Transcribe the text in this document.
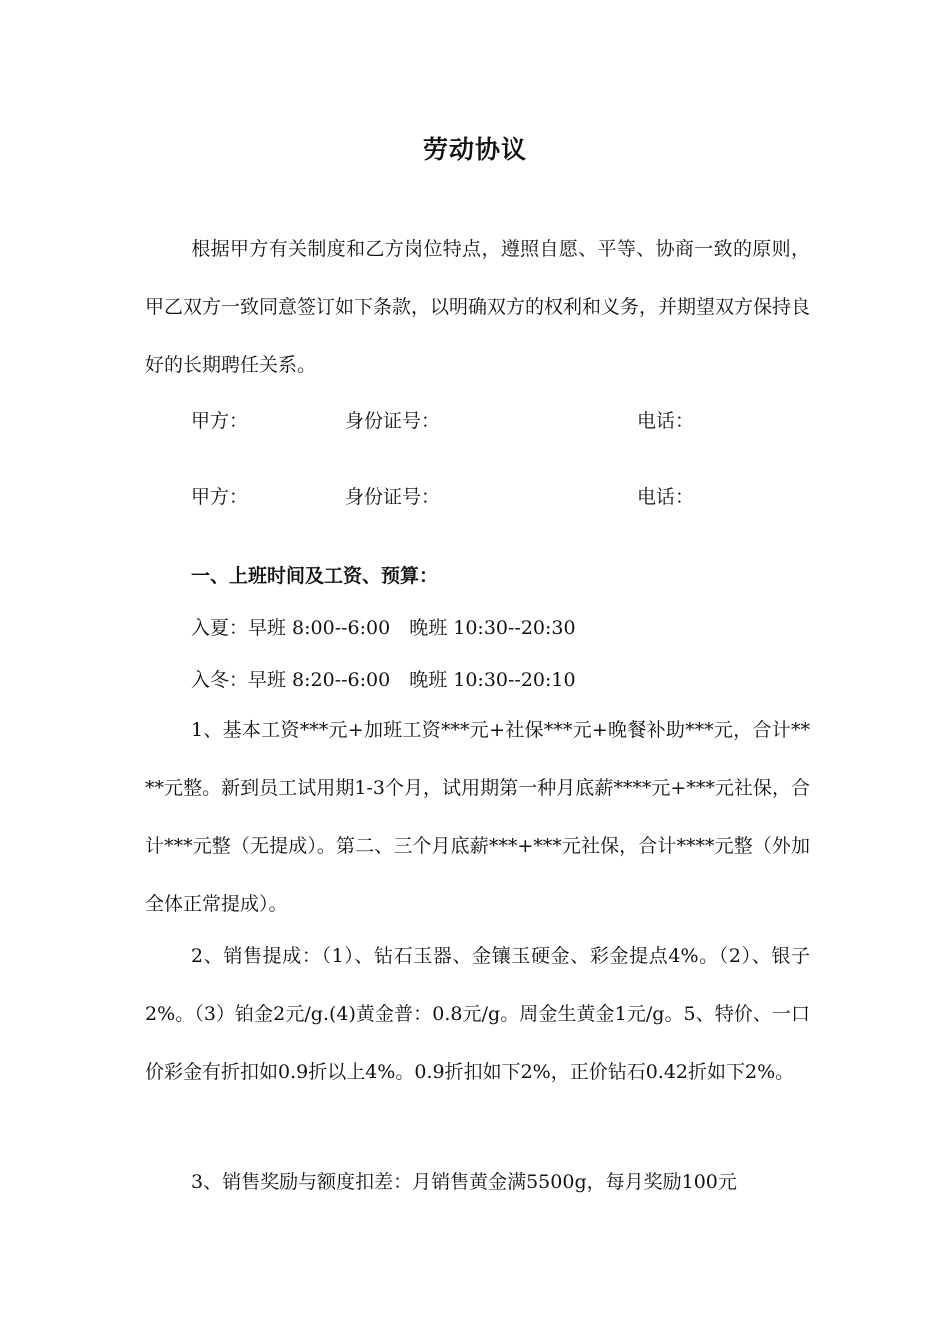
劳动协议
根据甲方有关制度和乙方岗位特点，遵照自愿、平等、协商一致的原则，甲乙双方一致同意签订如下条款，以明确双方的权利和义务，并期望双方保持良好的长期聘任关系。
甲方：	身份证号：	电话：
甲方：	身份证号：	电话：
一、上班时间及工资、预算：
入夏：早班 8:00--6:00　晚班 10:30--20:30
入冬：早班 8:20--6:00　晚班 10:30--20:10
1、基本工资***元+加班工资***元+社保***元+晚餐补助***元，合计****元整。新到员工试用期1-3个月，试用期第一种月底薪****元+***元社保，合计***元整（无提成）。第二、三个月底薪***+***元社保，合计****元整（外加全体正常提成）。
2、销售提成：（1）、钻石玉器、金镶玉硬金、彩金提点4%。（2）、银子2%。（3）铂金2元/g.(4)黄金普：0.8元/g。周金生黄金1元/g。5、特价、一口价彩金有折扣如0.9折以上4%。0.9折扣如下2%，正价钻石0.42折如下2%。
3、销售奖励与额度扣差：月销售黄金满5500g，每月奖励100元
